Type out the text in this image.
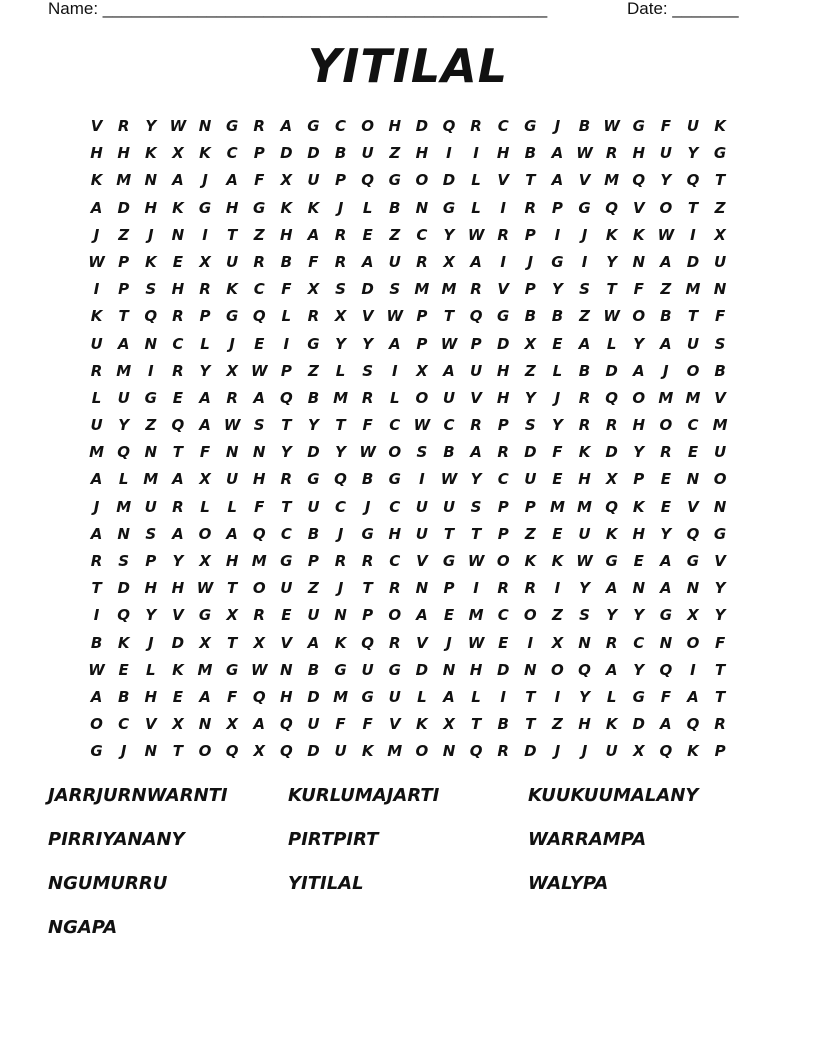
Name: _______________________________________________	Date: _______
YITILAL
V	R	Y W N G	R	A	G	C	O H D Q R	C	G	J	B W G	F	U	K
H H	K	X	K	C	P	D D	B	U	Z	H	I	I	H	B	A W R	H U	Y	G
K M N	A	J	A	F	X	U	P	Q G O D	L	V	T	A	V M Q	Y	Q	T
A	D H	K	G H G	K	K	J	L	B	N G	L	I	R	P	G Q V O	T	Z
J	Z	J	N	I	T	Z	H	A	R	E	Z	C	Y W R	P	I	J	K	K W	I	X
W P	K	E	X	U	R	B	F	R	A	U	R	X	A	I	J	G	I	Y	N	A	D U
I	P	S	H	R	K	C	F	X	S	D	S M M R	V	P	Y	S	T	F	Z M N
K	T	Q R	P	G Q	L	R	X	V W P	T	Q G	B	B	Z W O	B	T	F
U	A	N	C	L	J	E	I	G	Y	Y	A	P W P	D	X	E	A	L	Y	A	U	S
R M	I	R	Y	X W P	Z	L	S	I	X	A	U H	Z	L	B	D	A	J	O	B
L	U G	E	A	R	A Q	B M R	L	O U	V	H	Y	J	R Q O M M V
U	Y	Z	Q A W S	T	Y	T	F	C W C	R	P	S	Y	R	R	H O	C M
M Q N	T	F	N N	Y	D	Y W O	S	B	A	R	D	F	K	D	Y	R	E	U
A	L M A	X	U H	R	G Q	B	G	I	W Y	C	U	E	H	X	P	E	N O
J	M U	R	L	L	F	T	U	C	J	C	U U	S	P	P M M Q K	E	V	N
A	N	S	A O A Q	C	B	J	G H U	T	T	P	Z	E	U	K	H	Y	Q G
R	S	P	Y	X	H M G	P	R	R	C	V	G W O K	K W G	E	A	G	V
T	D H H W T	O U	Z	J	T	R	N	P	I	R	R	I	Y	A	N	A	N	Y
I	Q	Y	V	G	X	R	E	U N	P	O A	E M C	O	Z	S	Y	Y	G	X	Y
B	K	J	D	X	T	X	V	A	K Q R	V	J	W E	I	X	N	R	C	N O	F
W E	L	K M G W N	B	G U G D N H D N O Q A	Y	Q	I	T
A	B	H	E	A	F	Q H D M G U	L	A	L	I	T	I	Y	L	G	F	A	T
O	C	V	X	N	X	A Q U	F	F	V	K	X	T	B	T	Z	H	K	D	A Q R
G	J	N	T	O Q X Q D U	K M O N Q R	D	J	J	U	X Q K	P
JARRJURNWARNTI	KURLUMAJARTI	KUUKUUMALANY
PIRRIYANANY	PIRTPIRT	WARRAMPA
NGUMURRU	YITILAL	WALYPA
NGAPA
